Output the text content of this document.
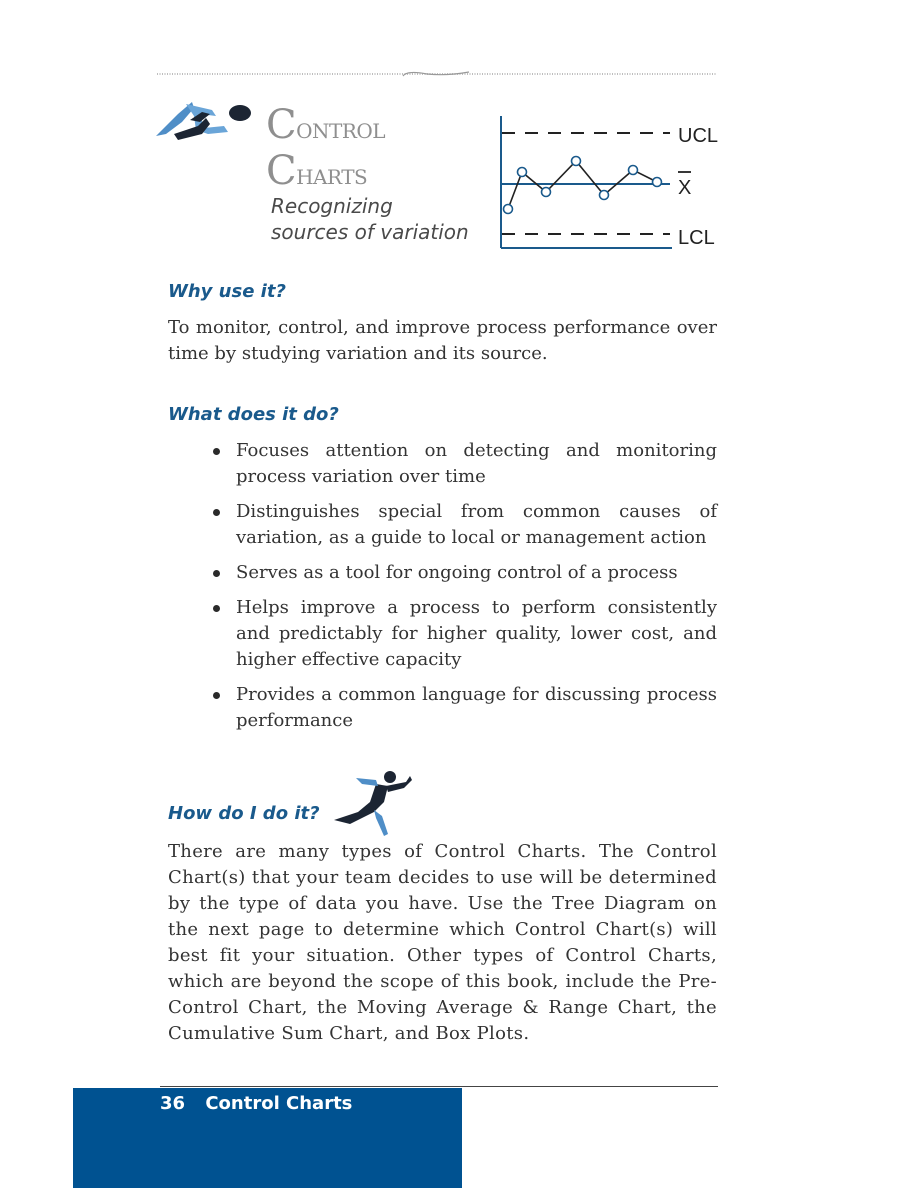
Control
Charts
Recognizing
sources of variation
UCL
X
LCL
Why use it?

To monitor, control, and improve process performance over time by studying variation and its source.

What does it do?
Focuses attention on detecting and monitoring process variation over time
Distinguishes special from common causes of variation, as a guide to local or management action
Serves as a tool for ongoing control of a process
Helps improve a process to perform consistently and predictably for higher quality, lower cost, and higher effective capacity
Provides a common language for discussing process performance
How do I do it?

There are many types of Control Charts. The Control Chart(s) that your team decides to use will be determined by the type of data you have. Use the Tree Diagram on the next page to determine which Control Chart(s) will best fit your situation. Other types of Control Charts, which are beyond the scope of this book, include the Pre-Control Chart, the Moving Average & Range Chart, the Cumulative Sum Chart, and Box Plots.

36 Control Charts
